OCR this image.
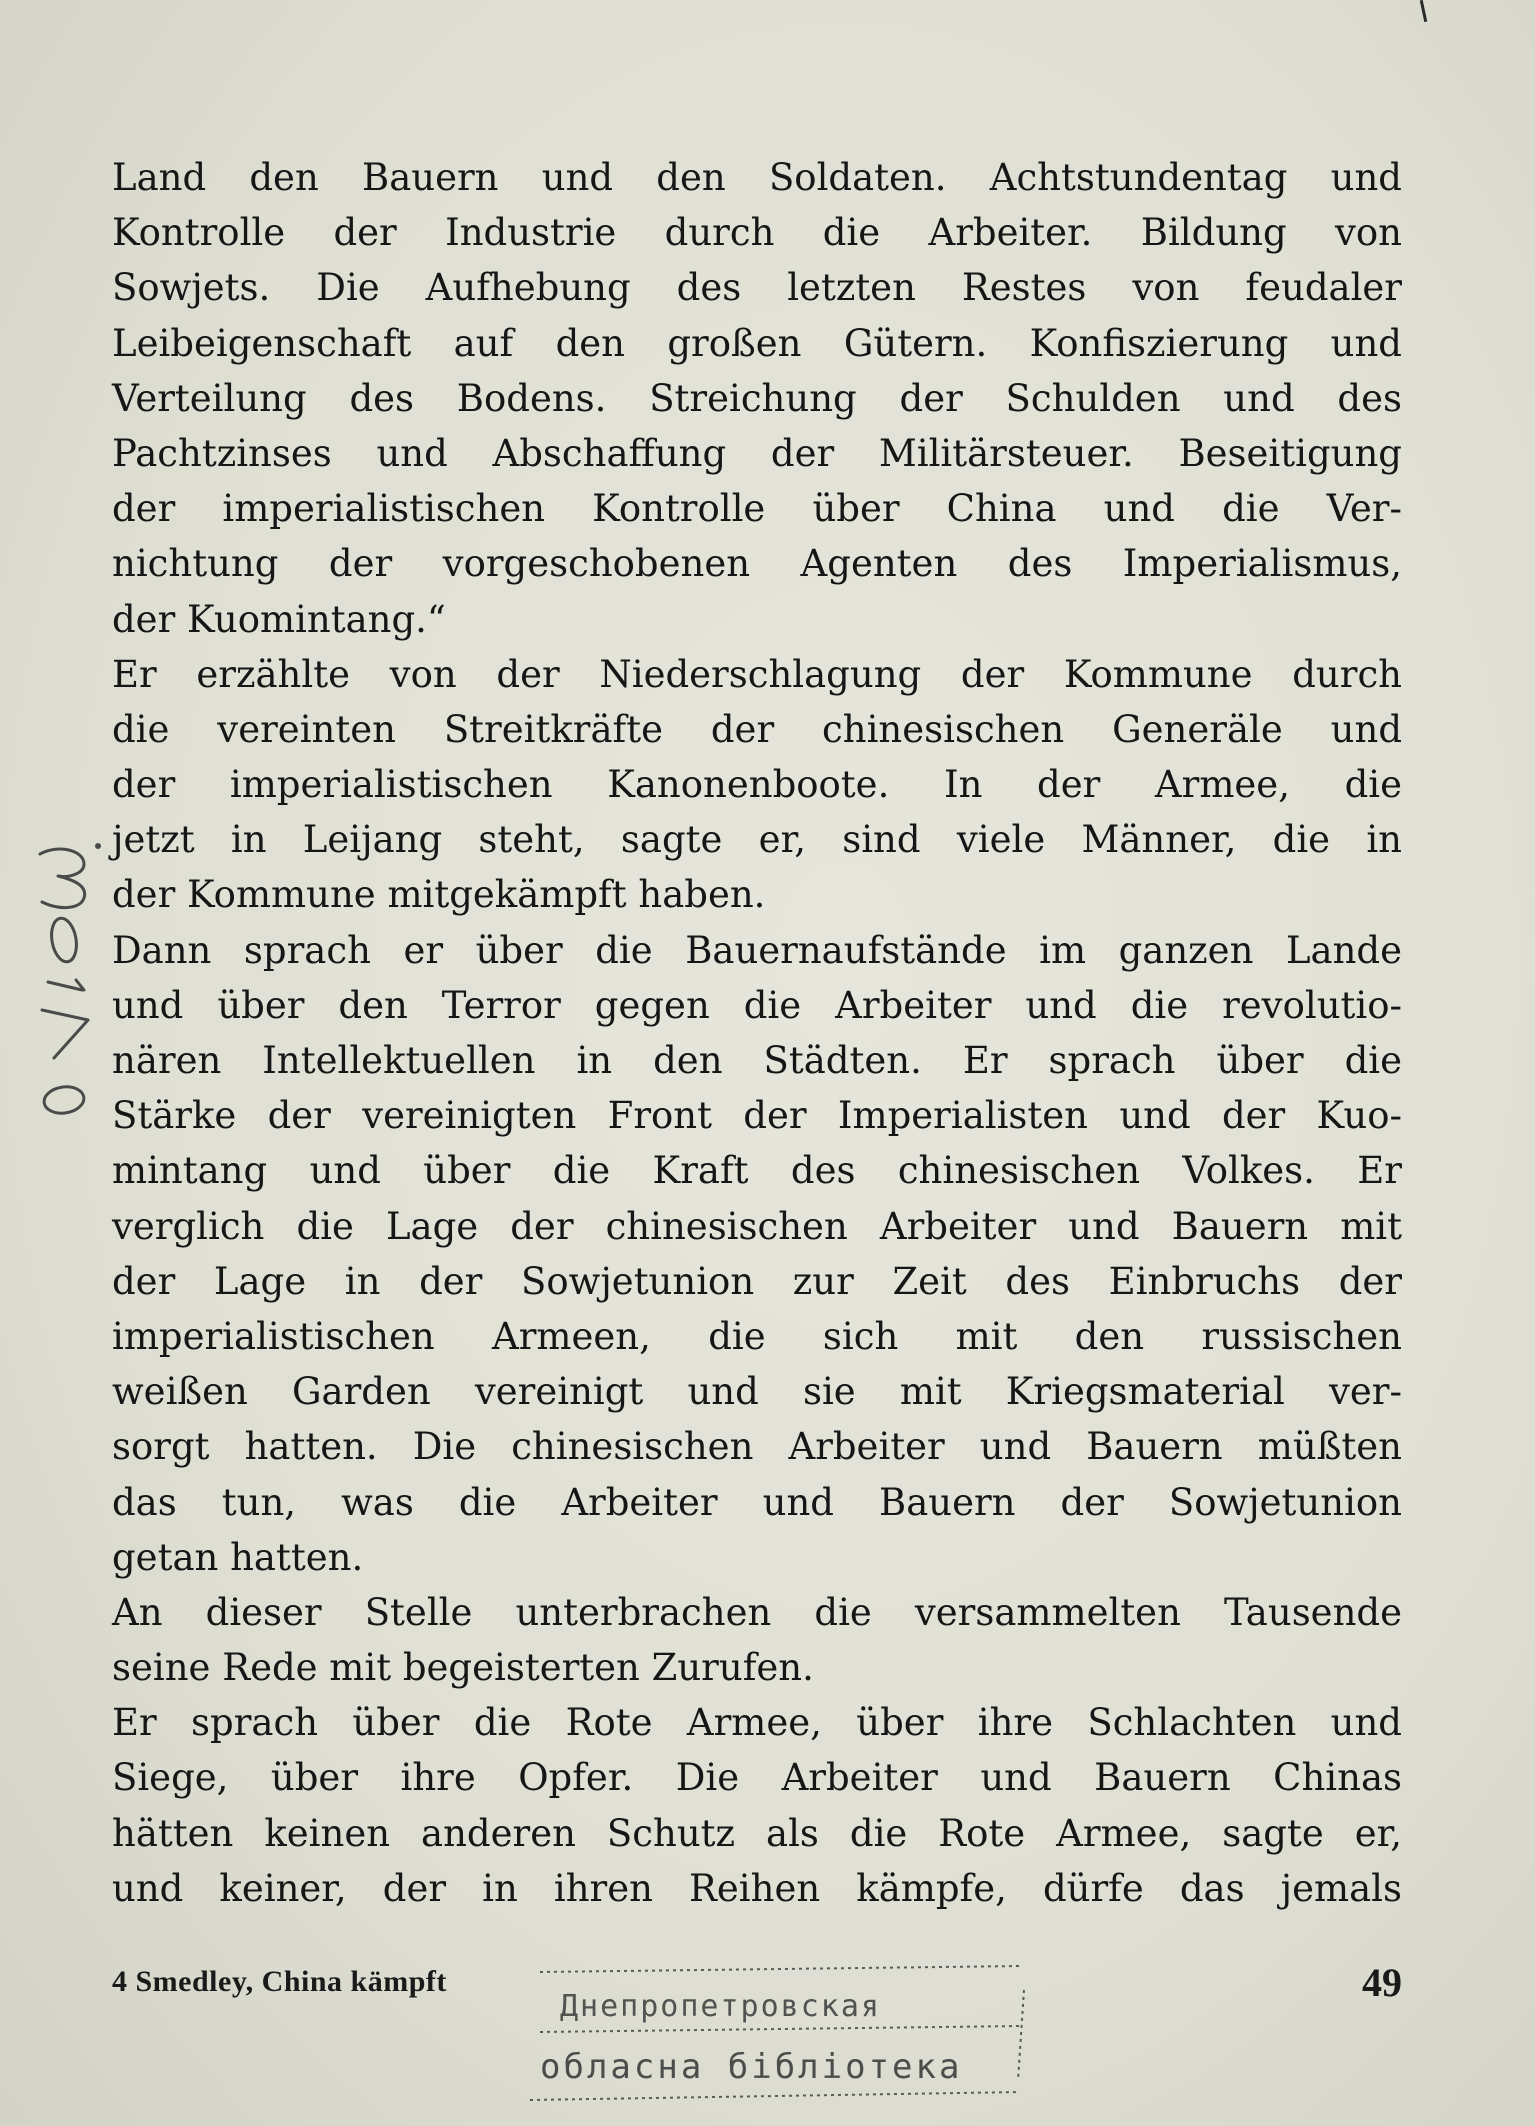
Land den Bauern und den Soldaten. Achtstundentag und
Kontrolle der Industrie durch die Arbeiter. Bildung von
Sowjets. Die Aufhebung des letzten Restes von feudaler
Leibeigenschaft auf den großen Gütern. Konfiszierung und
Verteilung des Bodens. Streichung der Schulden und des
Pachtzinses und Abschaffung der Militärsteuer. Beseitigung
der imperialistischen Kontrolle über China und die Ver-
nichtung der vorgeschobenen Agenten des Imperialismus,
der Kuomintang.“
Er erzählte von der Niederschlagung der Kommune durch
die vereinten Streitkräfte der chinesischen Generäle und
der imperialistischen Kanonenboote. In der Armee, die
jetzt in Leijang steht, sagte er, sind viele Männer, die in
der Kommune mitgekämpft haben.
Dann sprach er über die Bauernaufstände im ganzen Lande
und über den Terror gegen die Arbeiter und die revolutio-
nären Intellektuellen in den Städten. Er sprach über die
Stärke der vereinigten Front der Imperialisten und der Kuo-
mintang und über die Kraft des chinesischen Volkes. Er
verglich die Lage der chinesischen Arbeiter und Bauern mit
der Lage in der Sowjetunion zur Zeit des Einbruchs der
imperialistischen Armeen, die sich mit den russischen
weißen Garden vereinigt und sie mit Kriegsmaterial ver-
sorgt hatten. Die chinesischen Arbeiter und Bauern müßten
das tun, was die Arbeiter und Bauern der Sowjetunion
getan hatten.
An dieser Stelle unterbrachen die versammelten Tausende
seine Rede mit begeisterten Zurufen.
Er sprach über die Rote Armee, über ihre Schlachten und
Siege, über ihre Opfer. Die Arbeiter und Bauern Chinas
hätten keinen anderen Schutz als die Rote Armee, sagte er,
und keiner, der in ihren Reihen kämpfe, dürfe das jemals
Днепропетровская
обласна бiблiотека
4 Smedley, China kämpft	49
